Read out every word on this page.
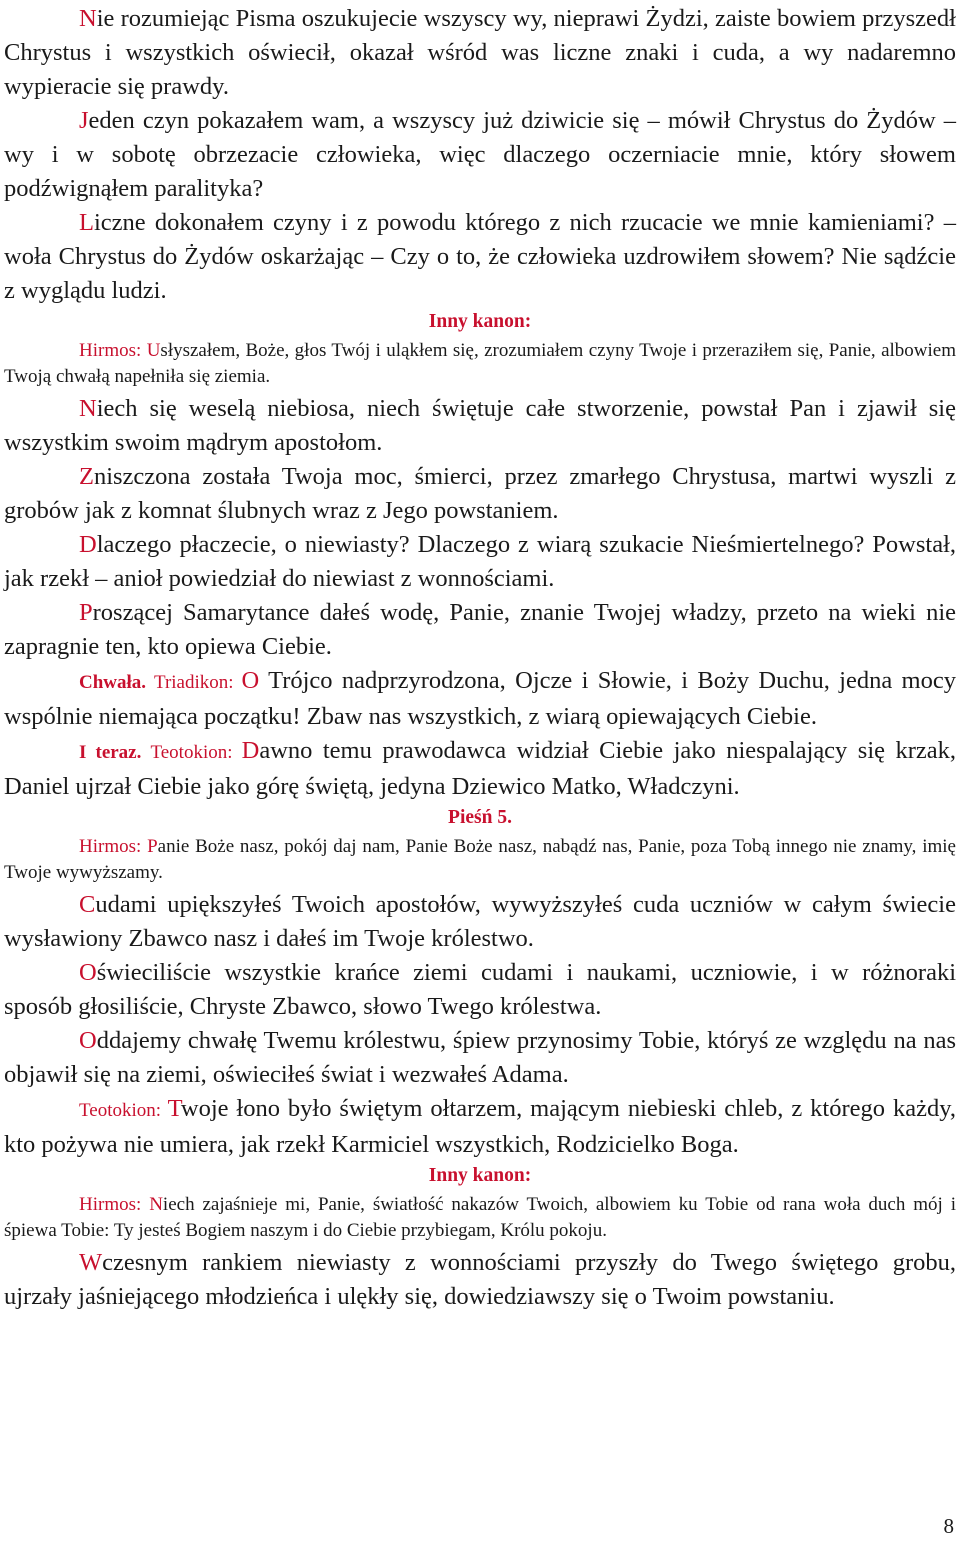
Nie rozumiejąc Pisma oszukujecie wszyscy wy, nieprawi Żydzi, zaiste bowiem przyszedł Chrystus i wszystkich oświecił, okazał wśród was liczne znaki i cuda, a wy nadaremno wypieracie się prawdy.

Jeden czyn pokazałem wam, a wszyscy już dziwicie się – mówił Chrystus do Żydów – wy i w sobotę obrzezacie człowieka, więc dlaczego oczerniacie mnie, który słowem podźwignąłem paralityka?

Liczne dokonałem czyny i z powodu którego z nich rzucacie we mnie kamieniami? – woła Chrystus do Żydów oskarżając – Czy o to, że człowieka uzdrowiłem słowem? Nie sądźcie z wyglądu ludzi.

Inny kanon:

Hirmos: Usłyszałem, Boże, głos Twój i uląkłem się, zrozumiałem czyny Twoje i przeraziłem się, Panie, albowiem Twoją chwałą napełniła się ziemia.

Niech się weselą niebiosa, niech świętuje całe stworzenie, powstał Pan i zjawił się wszystkim swoim mądrym apostołom.

Zniszczona została Twoja moc, śmierci, przez zmarłego Chrystusa, martwi wyszli z grobów jak z komnat ślubnych wraz z Jego powstaniem.

Dlaczego płaczecie, o niewiasty? Dlaczego z wiarą szukacie Nieśmiertelnego? Powstał, jak rzekł – anioł powiedział do niewiast z wonnościami.

Proszącej Samarytance dałeś wodę, Panie, znanie Twojej władzy, przeto na wieki nie zapragnie ten, kto opiewa Ciebie.

Chwała. Triadikon: O Trójco nadprzyrodzona, Ojcze i Słowie, i Boży Duchu, jedna mocy wspólnie niemająca początku! Zbaw nas wszystkich, z wiarą opiewających Ciebie.

I teraz. Teotokion: Dawno temu prawodawca widział Ciebie jako niespalający się krzak, Daniel ujrzał Ciebie jako górę świętą, jedyna Dziewico Matko, Władczyni.

Pieśń 5.

Hirmos: Panie Boże nasz, pokój daj nam, Panie Boże nasz, nabądź nas, Panie, poza Tobą innego nie znamy, imię Twoje wywyższamy.

Cudami upiększyłeś Twoich apostołów, wywyższyłeś cuda uczniów w całym świecie wysławiony Zbawco nasz i dałeś im Twoje królestwo.

Oświeciliście wszystkie krańce ziemi cudami i naukami, uczniowie, i w różnoraki sposób głosiliście, Chryste Zbawco, słowo Twego królestwa.

Oddajemy chwałę Twemu królestwu, śpiew przynosimy Tobie, któryś ze względu na nas objawił się na ziemi, oświeciłeś świat i wezwałeś Adama.

Teotokion: Twoje łono było świętym ołtarzem, mającym niebieski chleb, z którego każdy, kto pożywa nie umiera, jak rzekł Karmiciel wszystkich, Rodzicielko Boga.

Inny kanon:

Hirmos: Niech zajaśnieje mi, Panie, światłość nakazów Twoich, albowiem ku Tobie od rana woła duch mój i śpiewa Tobie: Ty jesteś Bogiem naszym i do Ciebie przybiegam, Królu pokoju.

Wczesnym rankiem niewiasty z wonnościami przyszły do Twego świętego grobu, ujrzały jaśniejącego młodzieńca i ulękły się, dowiedziawszy się o Twoim powstaniu.

8
